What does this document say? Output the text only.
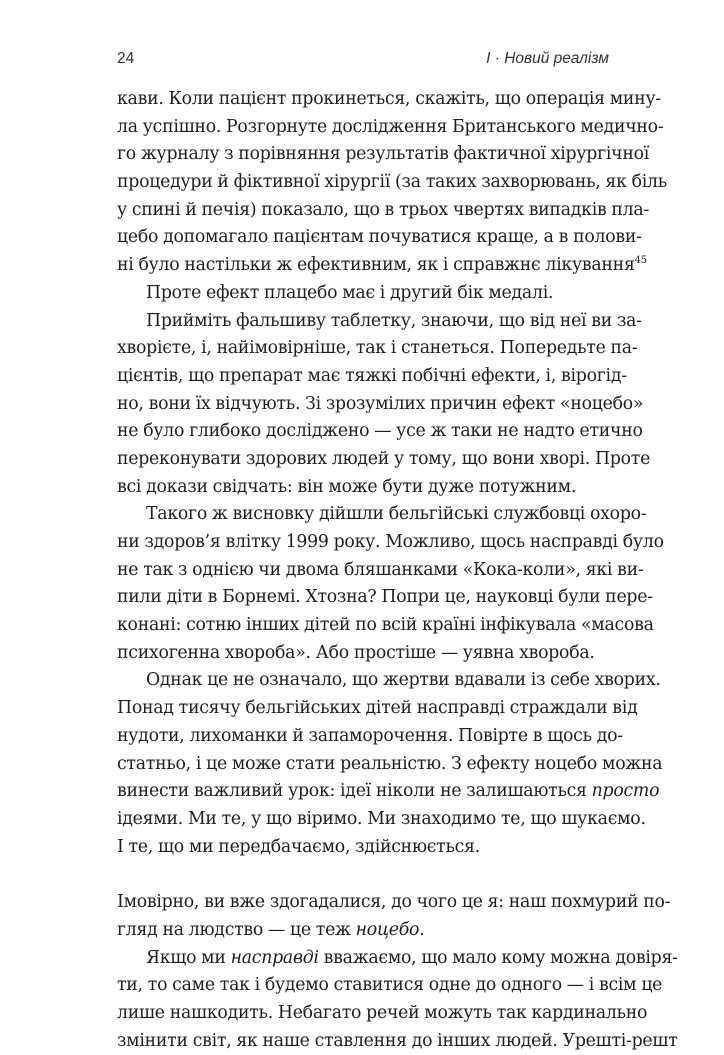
24	I · Новий реалізм
кави. Коли пацієнт прокинеться, скажіть, що операція мину-
ла успішно. Розгорнуте дослідження Британського медично-
го журналу з порівняння результатів фактичної хірургічної
процедури й фіктивної хірургії (за таких захворювань, як біль
у спині й печія) показало, що в трьох чвертях випадків пла-
цебо допомагало пацієнтам почуватися краще, а в полови-
ні було настільки ж ефективним, як і справжнє лікування$^{45}$
Проте ефект плацебо має і другий бік медалі.
Прийміть фальшиву таблетку, знаючи, що від неї ви за-
хворієте, і, найімовірніше, так і станеться. Попередьте па-
цієнтів, що препарат має тяжкі побічні ефекти, і, вірогід-
но, вони їх відчують. Зі зрозумілих причин ефект «ноцебо»
не було глибоко досліджено — усе ж таки не надто етично
переконувати здорових людей у тому, що вони хворі. Проте
всі докази свідчать: він може бути дуже потужним.
Такого ж висновку дійшли бельгійські службовці охоро-
ни здоров’я влітку 1999 року. Можливо, щось насправді було
не так з однією чи двома бляшанками «Кока-коли», які ви-
пили діти в Борнемі. Хтозна? Попри це, науковці були пере-
конані: сотню інших дітей по всій країні інфікувала «масова
психогенна хвороба». Або простіше — уявна хвороба.
Однак це не означало, що жертви вдавали із себе хворих.
Понад тисячу бельгійських дітей насправді страждали від
нудоти, лихоманки й запаморочення. Повірте в щось до-
статньо, і це може стати реальністю. З ефекту ноцебо можна
винести важливий урок: ідеї ніколи не залишаються просто
ідеями. Ми те, у що віримо. Ми знаходимо те, що шукаємо.
І те, що ми передбачаємо, здійснюється.
Імовірно, ви вже здогадалися, до чого це я: наш похмурий по-
гляд на людство — це теж ноцебо.
Якщо ми насправді вважаємо, що мало кому можна довіря-
ти, то саме так і будемо ставитися одне до одного — і всім це
лише нашкодить. Небагато речей можуть так кардинально
змінити світ, як наше ставлення до інших людей. Урешті-решт
